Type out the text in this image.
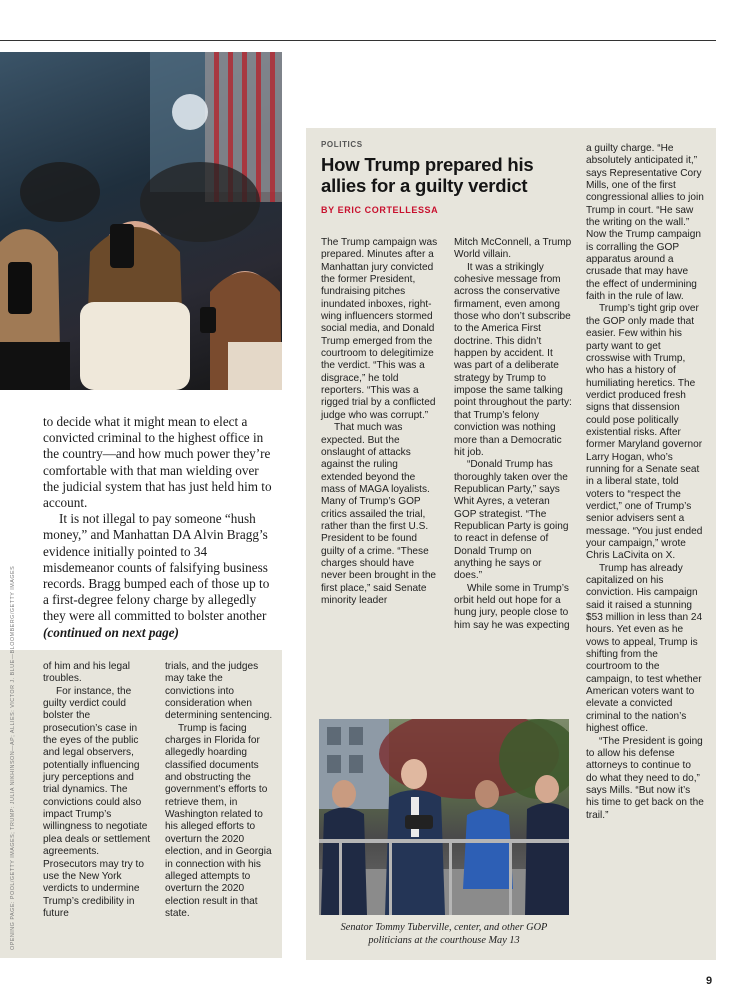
to decide what it might mean to elect a convicted criminal to the highest office in the country—and how much power they’re comfortable with that man wielding over the judicial system that has just held him to account.

It is not illegal to pay someone “hush money,” and Manhattan DA Alvin Bragg’s evidence initially pointed to 34 misdemeanor counts of falsifying business records. Bragg bumped each of those up to a first-degree felony charge by allegedly they were all committed to bolster another (continued on next page)

OPENING PAGE: POOL/GETTY IMAGES; TRUMP: JULIA NIKHINSON—AP; ALLIES: VICTOR J. BLUE—BLOOMBERG/GETTY IMAGES	of him and his legal troubles.

For instance, the guilty verdict could bolster the prosecution’s case in the eyes of the public and legal observers, potentially influencing jury perceptions and trial dynamics. The convictions could also impact Trump’s willingness to negotiate plea deals or settlement agreements. Prosecutors may try to use the New York verdicts to undermine Trump’s credibility in future

trials, and the judges may take the convictions into consideration when determining sentencing.

Trump is facing charges in Florida for allegedly hoarding classified documents and obstructing the government’s efforts to retrieve them, in Washington related to his alleged efforts to overturn the 2020 election, and in Georgia in connection with his alleged attempts to overturn the 2020 election result in that state.

POLITICS
How Trump prepared his allies for a guilty verdict
BY ERIC CORTELLESSA

The Trump campaign was prepared. Minutes after a Manhattan jury convicted the former President, fundraising pitches inundated inboxes, right-wing influencers stormed social media, and Donald Trump emerged from the courtroom to delegitimize the verdict. “This was a disgrace,” he told reporters. “This was a rigged trial by a conflicted judge who was corrupt.”

That much was expected. But the onslaught of attacks against the ruling extended beyond the mass of MAGA loyalists. Many of Trump’s GOP critics assailed the trial, rather than the first U.S. President to be found guilty of a crime. “These charges should have never been brought in the first place,” said Senate minority leader

Mitch McConnell, a Trump World villain.

It was a strikingly cohesive message from across the conservative firmament, even among those who don’t subscribe to the America First doctrine. This didn’t happen by accident. It was part of a deliberate strategy by Trump to impose the same talking point throughout the party: that Trump’s felony conviction was nothing more than a Democratic hit job.

“Donald Trump has thoroughly taken over the Republican Party,” says Whit Ayres, a veteran GOP strategist. “The Republican Party is going to react in defense of Donald Trump on anything he says or does.”

While some in Trump’s orbit held out hope for a hung jury, people close to him say he was expecting

a guilty charge. “He absolutely anticipated it,” says Representative Cory Mills, one of the first congressional allies to join Trump in court. “He saw the writing on the wall.” Now the Trump campaign is corralling the GOP apparatus around a crusade that may have the effect of undermining faith in the rule of law.

Trump’s tight grip over the GOP only made that easier. Few within his party want to get crosswise with Trump, who has a history of humiliating heretics. The verdict produced fresh signs that dissension could pose politically existential risks. After former Maryland governor Larry Hogan, who’s running for a Senate seat in a liberal state, told voters to “respect the verdict,” one of Trump’s senior advisers sent a message. “You just ended your campaign,” wrote Chris LaCivita on X.

Trump has already capitalized on his conviction. His campaign said it raised a stunning $53 million in less than 24 hours. Yet even as he vows to appeal, Trump is shifting from the courtroom to the campaign, to test whether American voters want to elevate a convicted criminal to the nation’s highest office.

“The President is going to allow his defense attorneys to continue to do what they need to do,” says Mills. “But now it’s his time to get back on the trail.”

Senator Tommy Tuberville, center, and other GOP politicians at the courthouse May 13
9
